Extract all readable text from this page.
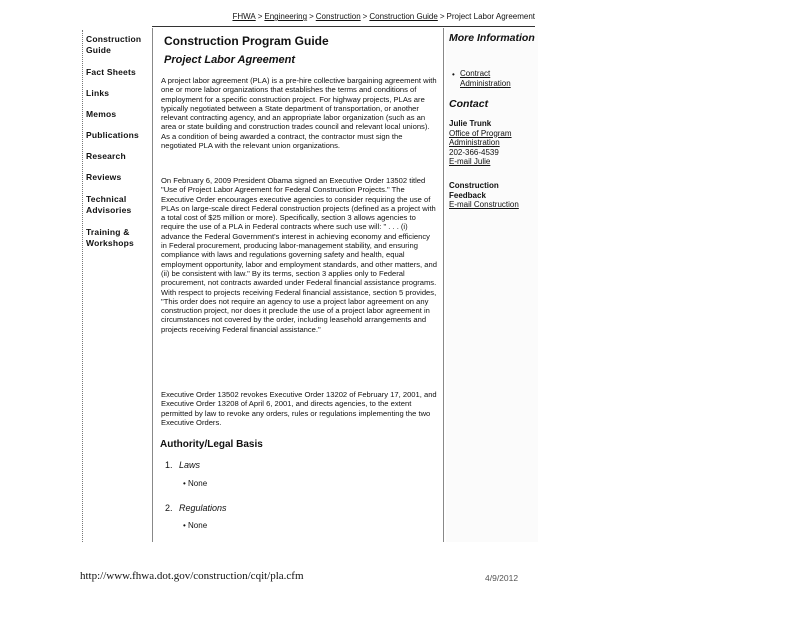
FHWA > Engineering > Construction > Construction Guide > Project Labor Agreement
Construction Guide
Fact Sheets
Links
Memos
Publications
Research
Reviews
Technical Advisories
Training & Workshops
Construction Program Guide
Project Labor Agreement

A project labor agreement (PLA) is a pre-hire collective bargaining agreement with one or more labor organizations that establishes the terms and conditions of employment for a specific construction project. For highway projects, PLAs are typically negotiated between a State department of transportation, or another relevant contracting agency, and an appropriate labor organization (such as an area or state building and construction trades council and relevant local unions). As a condition of being awarded a contract, the contractor must sign the negotiated PLA with the relevant union organizations.

On February 6, 2009 President Obama signed an Executive Order 13502 titled "Use of Project Labor Agreement for Federal Construction Projects." The Executive Order encourages executive agencies to consider requiring the use of PLAs on large-scale direct Federal construction projects (defined as a project with a total cost of $25 million or more). Specifically, section 3 allows agencies to require the use of a PLA in Federal contracts where such use will: " . . . (i) advance the Federal Government's interest in achieving economy and efficiency in Federal procurement, producing labor-management stability, and ensuring compliance with laws and regulations governing safety and health, equal employment opportunity, labor and employment standards, and other matters, and (ii) be consistent with law." By its terms, section 3 applies only to Federal procurement, not contracts awarded under Federal financial assistance programs. With respect to projects receiving Federal financial assistance, section 5 provides, "This order does not require an agency to use a project labor agreement on any construction project, nor does it preclude the use of a project labor agreement in circumstances not covered by the order, including leasehold arrangements and projects receiving Federal financial assistance."

Executive Order 13502 revokes Executive Order 13202 of February 17, 2001, and Executive Order 13208 of April 6, 2001, and directs agencies, to the extent permitted by law to revoke any orders, rules or regulations implementing the two Executive Orders.

Authority/Legal Basis
1. Laws
• None
2. Regulations
• None
More Information
• Contract Administration
Contact
Julie Trunk
Office of Program Administration
202-366-4539
E-mail Julie
Construction Feedback
E-mail Construction
http://www.fhwa.dot.gov/construction/cqit/pla.cfm	4/9/2012
